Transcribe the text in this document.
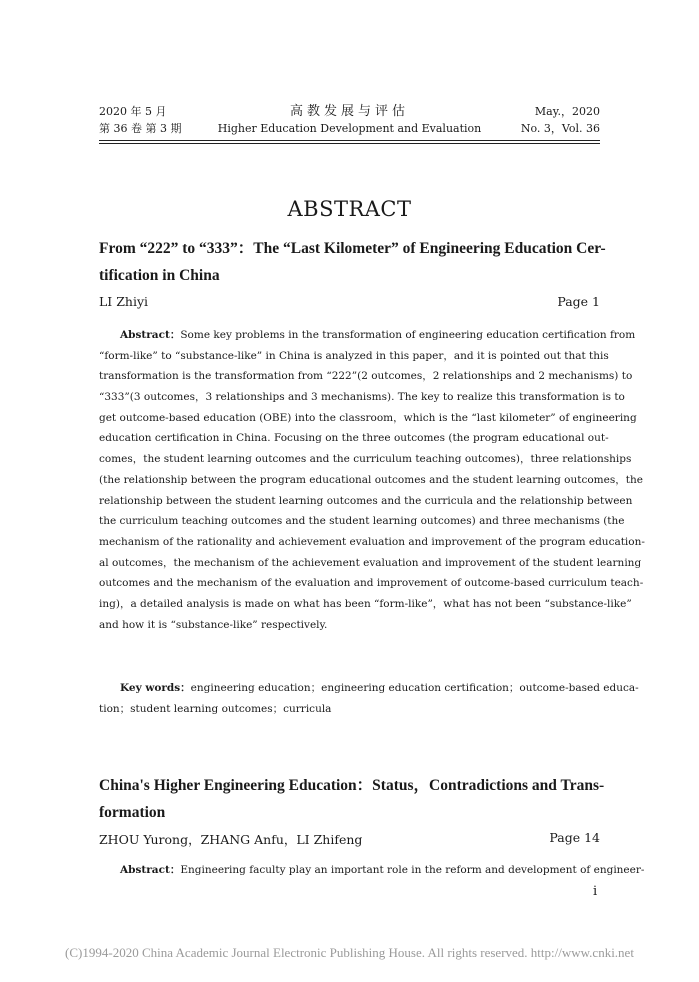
2020 年 5 月
第 36 卷 第 3 期
高教发展与评估
Higher Education Development and Evaluation
May.，2020
No. 3，Vol. 36
ABSTRACT
From “222” to “333”：The “Last Kilometer” of Engineering Education Cer-
tification in China
LI Zhiyi	Page 1
Abstract：Some key problems in the transformation of engineering education certification from
“form-like” to “substance-like” in China is analyzed in this paper，and it is pointed out that this
transformation is the transformation from “222”(2 outcomes，2 relationships and 2 mechanisms) to
“333”(3 outcomes，3 relationships and 3 mechanisms). The key to realize this transformation is to
get outcome-based education (OBE) into the classroom，which is the “last kilometer” of engineering
education certification in China. Focusing on the three outcomes (the program educational out-
comes，the student learning outcomes and the curriculum teaching outcomes)，three relationships
(the relationship between the program educational outcomes and the student learning outcomes，the
relationship between the student learning outcomes and the curricula and the relationship between
the curriculum teaching outcomes and the student learning outcomes) and three mechanisms (the
mechanism of the rationality and achievement evaluation and improvement of the program education-
al outcomes，the mechanism of the achievement evaluation and improvement of the student learning
outcomes and the mechanism of the evaluation and improvement of outcome-based curriculum teach-
ing)，a detailed analysis is made on what has been “form-like”，what has not been “substance-like”
and how it is “substance-like” respectively.
Key words：engineering education；engineering education certification；outcome-based educa-
tion；student learning outcomes；curricula
China's Higher Engineering Education：Status，Contradictions and Trans-
formation
ZHOU Yurong，ZHANG Anfu，LI Zhifeng	Page 14
Abstract：Engineering faculty play an important role in the reform and development of engineer-
i
(C)1994-2020 China Academic Journal Electronic Publishing House. All rights reserved. http://www.cnki.net
